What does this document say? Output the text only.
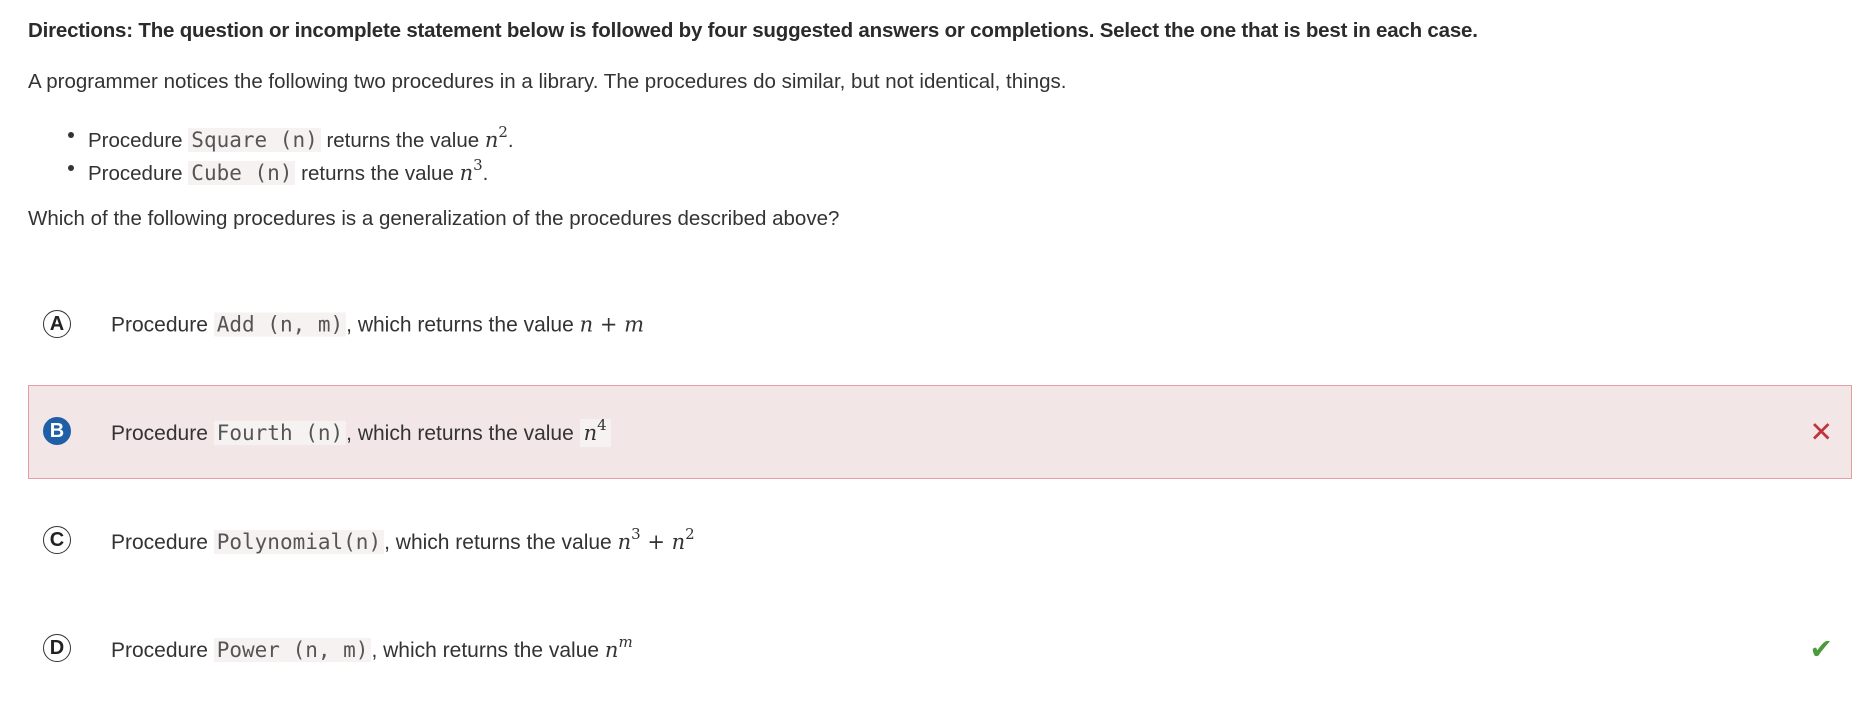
Directions: The question or incomplete statement below is followed by four suggested answers or completions. Select the one that is best in each case.
A programmer notices the following two procedures in a library. The procedures do similar, but not identical, things.
Procedure Square (n) returns the value $n^2$.
Procedure Cube (n) returns the value $n^3$.
Which of the following procedures is a generalization of the procedures described above?
A	Procedure Add (n, m) , which returns the value n + m
B	Procedure Fourth (n) , which returns the value $n^4$	✕
C	Procedure Polynomial(n) , which returns the value $n^3 + n^2$
D	Procedure Power (n, m) , which returns the value $n^m$	✔
